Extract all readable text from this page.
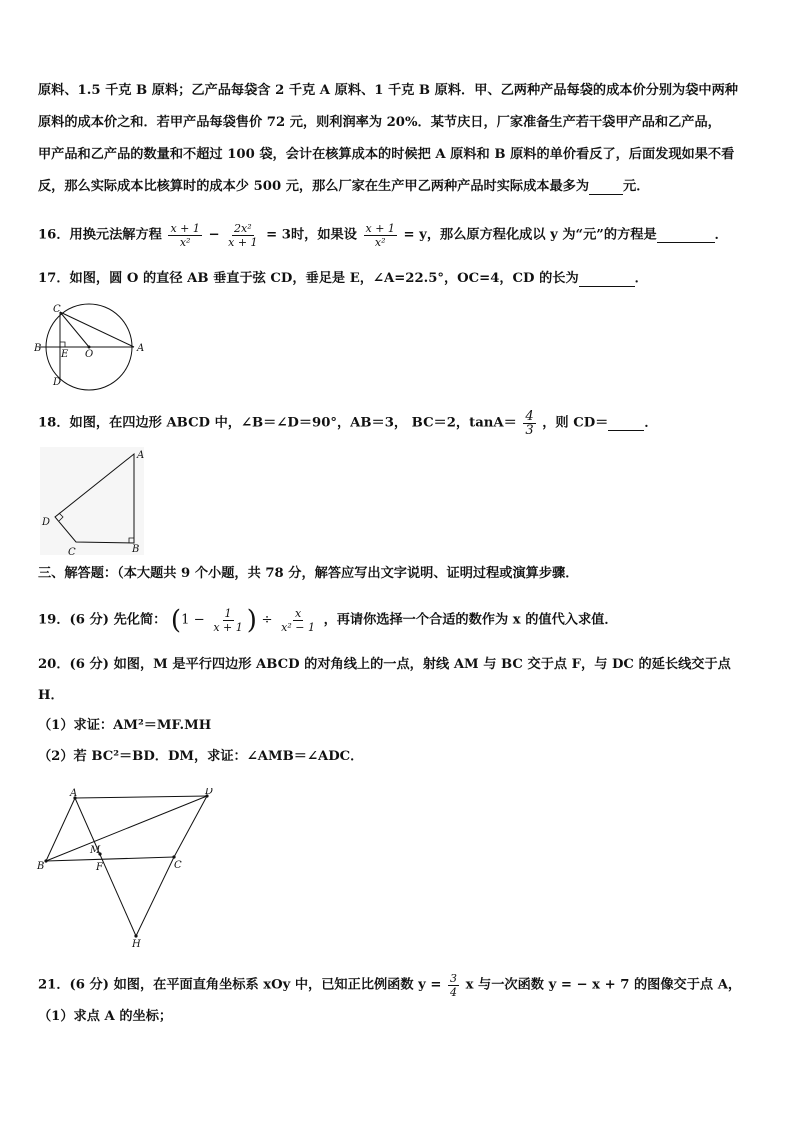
原料、1.5 千克 B 原料；乙产品每袋含 2 千克 A 原料、1 千克 B 原料．甲、乙两种产品每袋的成本价分别为袋中两种
原料的成本价之和．若甲产品每袋售价 72 元，则利润率为 20%．某节庆日，厂家准备生产若干袋甲产品和乙产品，
甲产品和乙产品的数量和不超过 100 袋，会计在核算成本的时候把 A 原料和 B 原料的单价看反了，后面发现如果不看
反，那么实际成本比核算时的成本少 500 元，那么厂家在生产甲乙两种产品时实际成本最多为	元．
16．用换元法解方程 $\frac{x + 1}{\text{x²}} - \frac{\text{2x²}}{x + 1} = 3$时，如果设 $\frac{x + 1}{\text{x²}} = y$，那么原方程化成以 y 为“元”的方程是	．
17．如图，圆 O 的直径 AB 垂直于弦 CD，垂足是 E，∠A=22.5°，OC=4，CD 的长为	．
C
B
E O
A
D
18．如图，在四边形 ABCD 中，∠B＝∠D＝90°，AB＝3， BC＝2，$\tan A= \frac{4}{3}$ ，则 CD＝	．
A
D
C	B
三、解答题：（本大题共 9 个小题，共 78 分，解答应写出文字说明、证明过程或演算步骤．
19．(6 分) 先化简： ($1 - \frac{1}{x + 1}$ ) ÷ $\frac{x}{\text{x² − 1}}$ ，再请你选择一个合适的数作为 x 的值代入求值．
20．(6 分) 如图，M 是平行四边形 ABCD 的对角线上的一点，射线 AM 与 BC 交于点 F，与 DC 的延长线交于点
H．
（1）求证：AM²＝MF.MH
（2）若 BC²＝BD．DM，求证：∠AMB＝∠ADC．
A	D
M
B	F	C
H
21．(6 分) 如图，在平面直角坐标系 xOy 中，已知正比例函数 $y = \frac{3}{4}$ x 与一次函数 y = − x + 7 的图像交于点 A，
（1）求点 A 的坐标；
